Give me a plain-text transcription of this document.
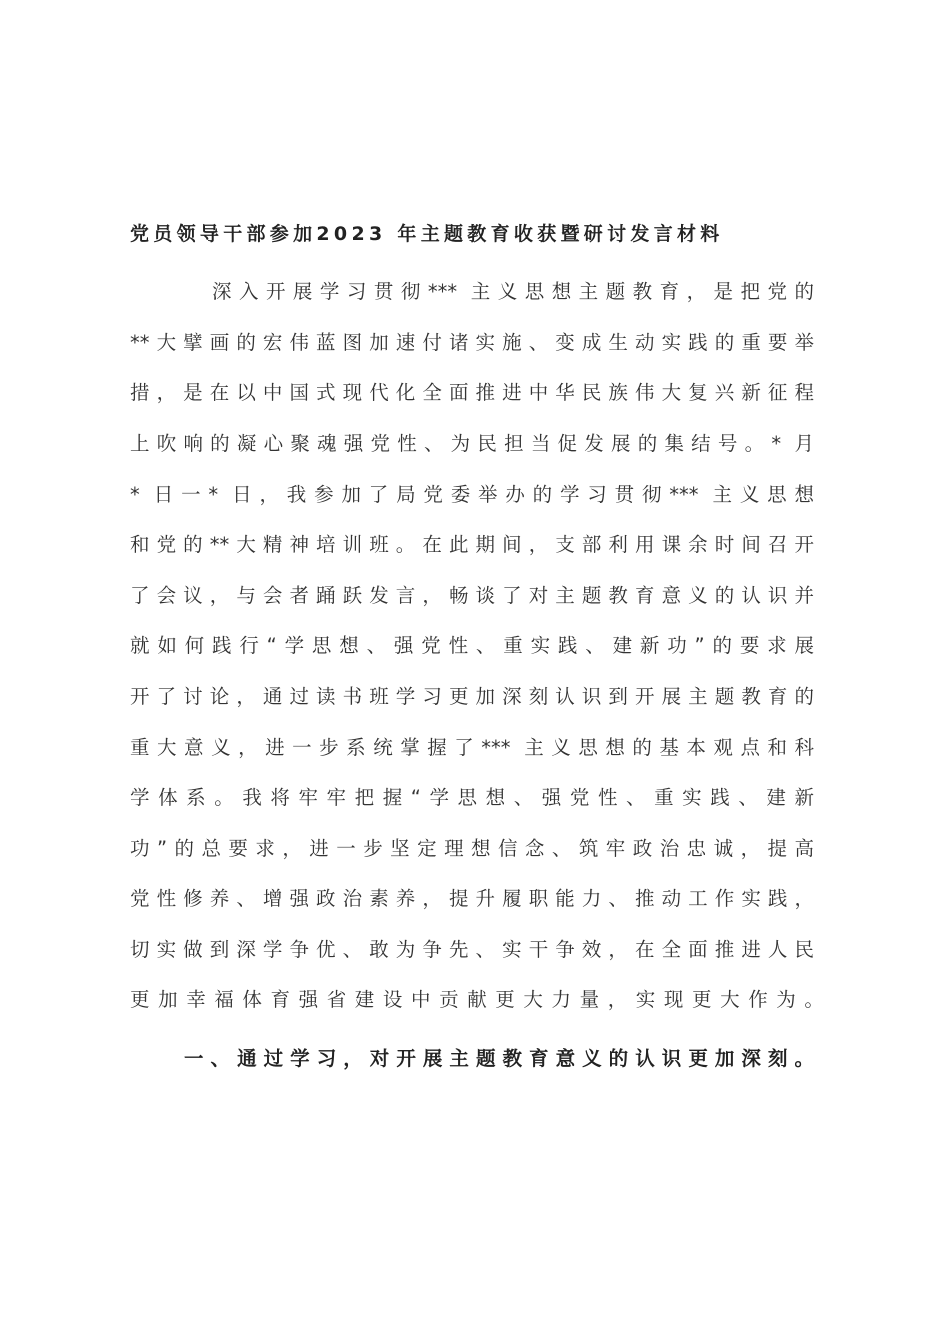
党员领导干部参加2023 年主题教育收获暨研讨发言材料
深入开展学习贯彻*** 主义思想主题教育，是把党的
**大擘画的宏伟蓝图加速付诸实施、变成生动实践的重要举
措，是在以中国式现代化全面推进中华民族伟大复兴新征程
上吹响的凝心聚魂强党性、为民担当促发展的集结号。* 月
* 日一* 日，我参加了局党委举办的学习贯彻*** 主义思想
和党的**大精神培训班。在此期间，支部利用课余时间召开
了会议，与会者踊跃发言，畅谈了对主题教育意义的认识并
就如何践行“学思想、强党性、重实践、建新功”的要求展
开了讨论，通过读书班学习更加深刻认识到开展主题教育的
重大意义，进一步系统掌握了*** 主义思想的基本观点和科
学体系。我将牢牢把握“学思想、强党性、重实践、建新
功”的总要求，进一步坚定理想信念、筑牢政治忠诚，提高
党性修养、增强政治素养，提升履职能力、推动工作实践，
切实做到深学争优、敢为争先、实干争效，在全面推进人民
更加幸福体育强省建设中贡献更大力量，实现更大作为。
一、通过学习，对开展主题教育意义的认识更加深刻。
